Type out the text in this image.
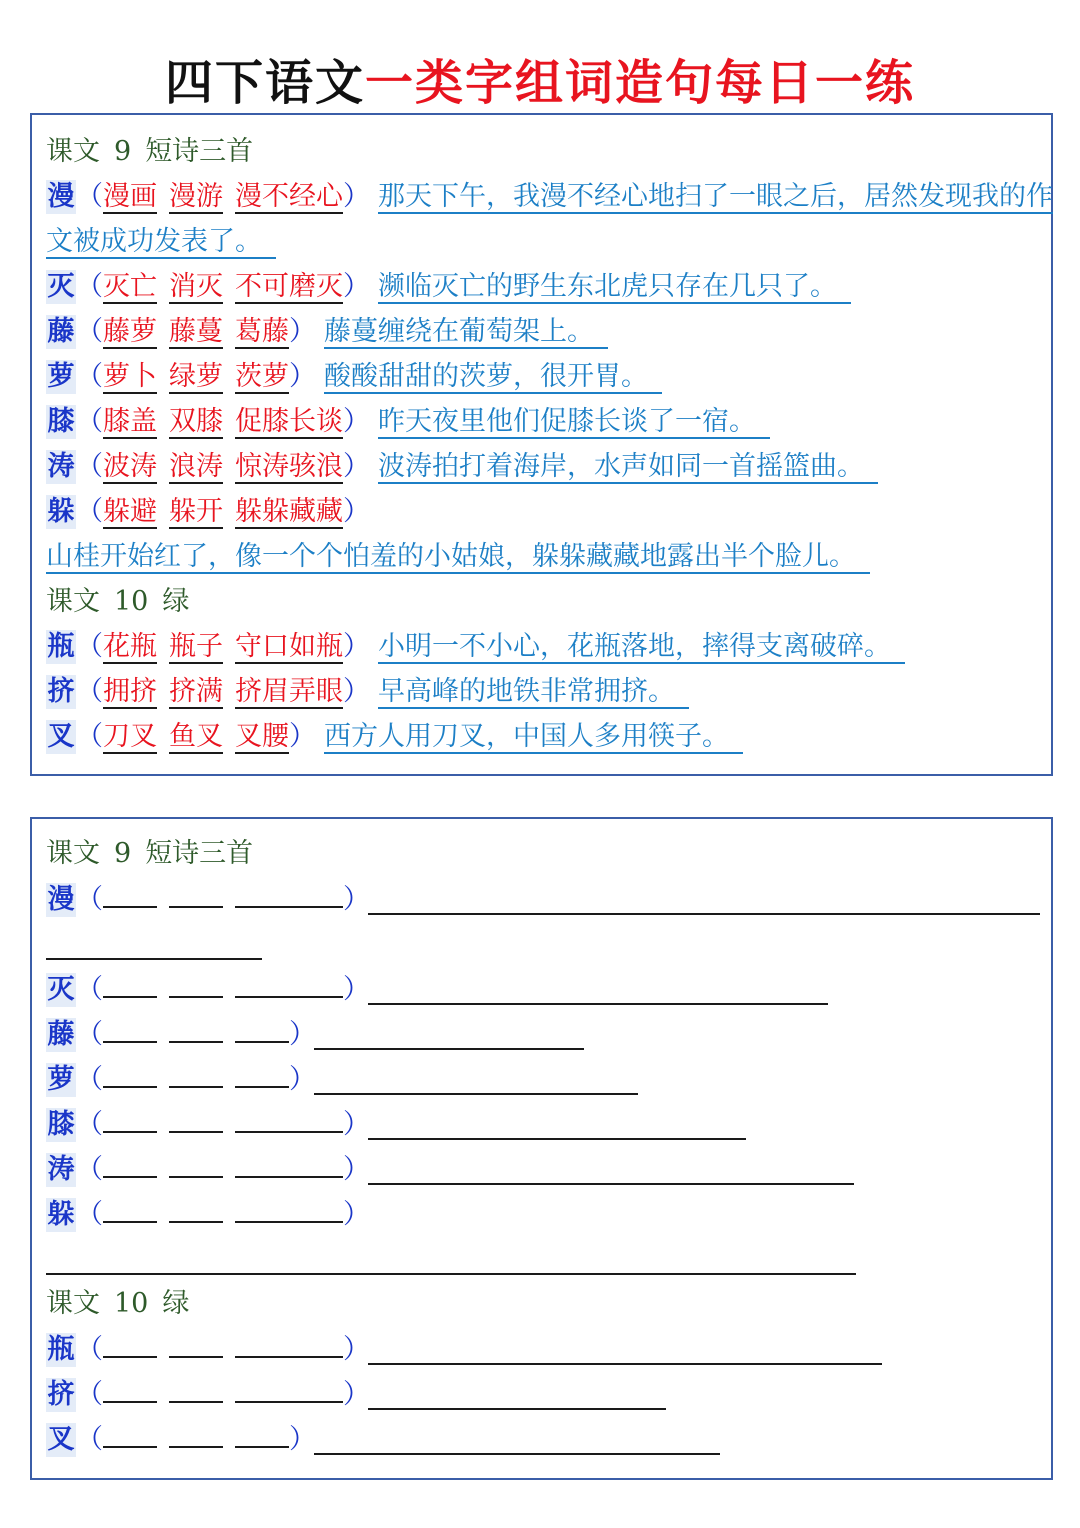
四下语文一类字组词造句每日一练
课文 9 短诗三首
漫（漫画 漫游 漫不经心） 那天下午，我漫不经心地扫了一眼之后，居然发现我的作
文被成功发表了。
灭（灭亡 消灭 不可磨灭） 濒临灭亡的野生东北虎只存在几只了。
藤（藤萝 藤蔓 葛藤） 藤蔓缠绕在葡萄架上。
萝（萝卜 绿萝 茨萝） 酸酸甜甜的茨萝，很开胃。
膝（膝盖 双膝 促膝长谈） 昨天夜里他们促膝长谈了一宿。
涛（波涛 浪涛 惊涛骇浪） 波涛拍打着海岸，水声如同一首摇篮曲。
躲（躲避 躲开 躲躲藏藏）
山桂开始红了，像一个个怕羞的小姑娘，躲躲藏藏地露出半个脸儿。
课文 10 绿
瓶（花瓶 瓶子 守口如瓶） 小明一不小心，花瓶落地，摔得支离破碎。
挤（拥挤 挤满 挤眉弄眼） 早高峰的地铁非常拥挤。
叉（刀叉 鱼叉 叉腰） 西方人用刀叉，中国人多用筷子。
课文 9 短诗三首
漫（	）
灭（	）
藤（	）
萝（	）
膝（	）
涛（	）
躲（	）
课文 10 绿
瓶（	）
挤（	）
叉（	）
